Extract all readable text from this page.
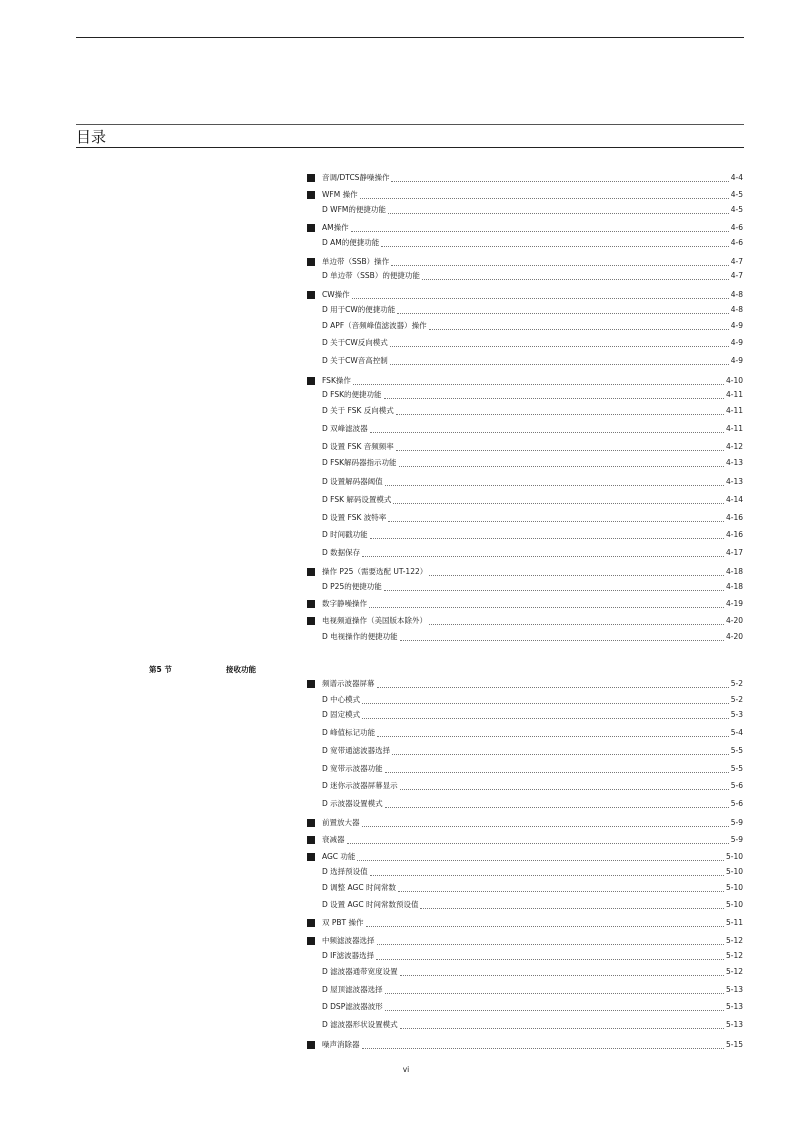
目录
音调/DTCS静噪操作	4-4
WFM 操作	4-5
D WFM的便捷功能	4-5
AM操作	4-6
D AM的便捷功能	4-6
单边带（SSB）操作	4-7
D 单边带（SSB）的便捷功能	4-7
CW操作	4-8
D 用于CW的便捷功能	4-8
D APF（音频峰值滤波器）操作	4-9
D 关于CW反向模式	4-9
D 关于CW音高控制	4-9
FSK操作	4-10
D FSK的便捷功能	4-11
D 关于 FSK 反向模式	4-11
D 双峰滤波器	4-11
D 设置 FSK 音频频率	4-12
D FSK解码器指示功能	4-13
D 设置解码器阈值	4-13
D FSK 解码设置模式	4-14
D 设置 FSK 波特率	4-16
D 时间戳功能	4-16
D 数据保存	4-17
操作 P25（需要选配 UT-122）	4-18
D P25的便捷功能	4-18
数字静噪操作	4-19
电视频道操作（美国版本除外）	4-20
D 电视操作的便捷功能	4-20
频谱示波器屏幕	5-2
D 中心模式	5-2
D 固定模式	5-3
D 峰值标记功能	5-4
D 宽带通滤波器选择	5-5
D 宽带示波器功能	5-5
D 迷你示波器屏幕显示	5-6
D 示波器设置模式	5-6
前置放大器	5-9
衰减器	5-9
AGC 功能	5-10
D 选择预设值	5-10
D 调整 AGC 时间常数	5-10
D 设置 AGC 时间常数预设值	5-10
双 PBT 操作	5-11
中频滤波器选择	5-12
D IF滤波器选择	5-12
D 滤波器通带宽度设置	5-12
D 屋顶滤波器选择	5-13
D DSP滤波器波形	5-13
D 滤波器形状设置模式	5-13
噪声消除器	5-15
第5 节	接收功能
vi
